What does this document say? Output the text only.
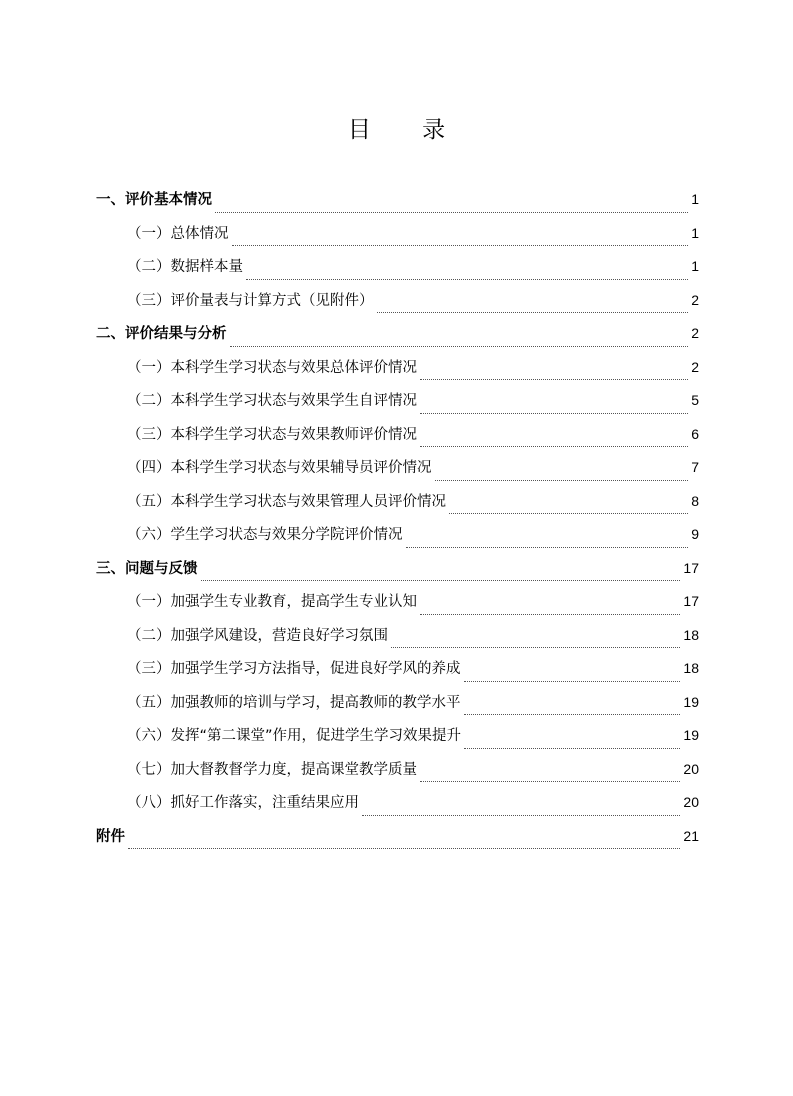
目 录
一、评价基本情况	1
（一）总体情况	1
（二）数据样本量	1
（三）评价量表与计算方式（见附件）	2
二、评价结果与分析	2
（一）本科学生学习状态与效果总体评价情况	2
（二）本科学生学习状态与效果学生自评情况	5
（三）本科学生学习状态与效果教师评价情况	6
（四）本科学生学习状态与效果辅导员评价情况	7
（五）本科学生学习状态与效果管理人员评价情况	8
（六）学生学习状态与效果分学院评价情况	9
三、问题与反馈	17
（一）加强学生专业教育，提高学生专业认知	17
（二）加强学风建设，营造良好学习氛围	18
（三）加强学生学习方法指导，促进良好学风的养成	18
（五）加强教师的培训与学习，提高教师的教学水平	19
（六）发挥“第二课堂”作用，促进学生学习效果提升	19
（七）加大督教督学力度，提高课堂教学质量	20
（八）抓好工作落实，注重结果应用	20
附件	21
